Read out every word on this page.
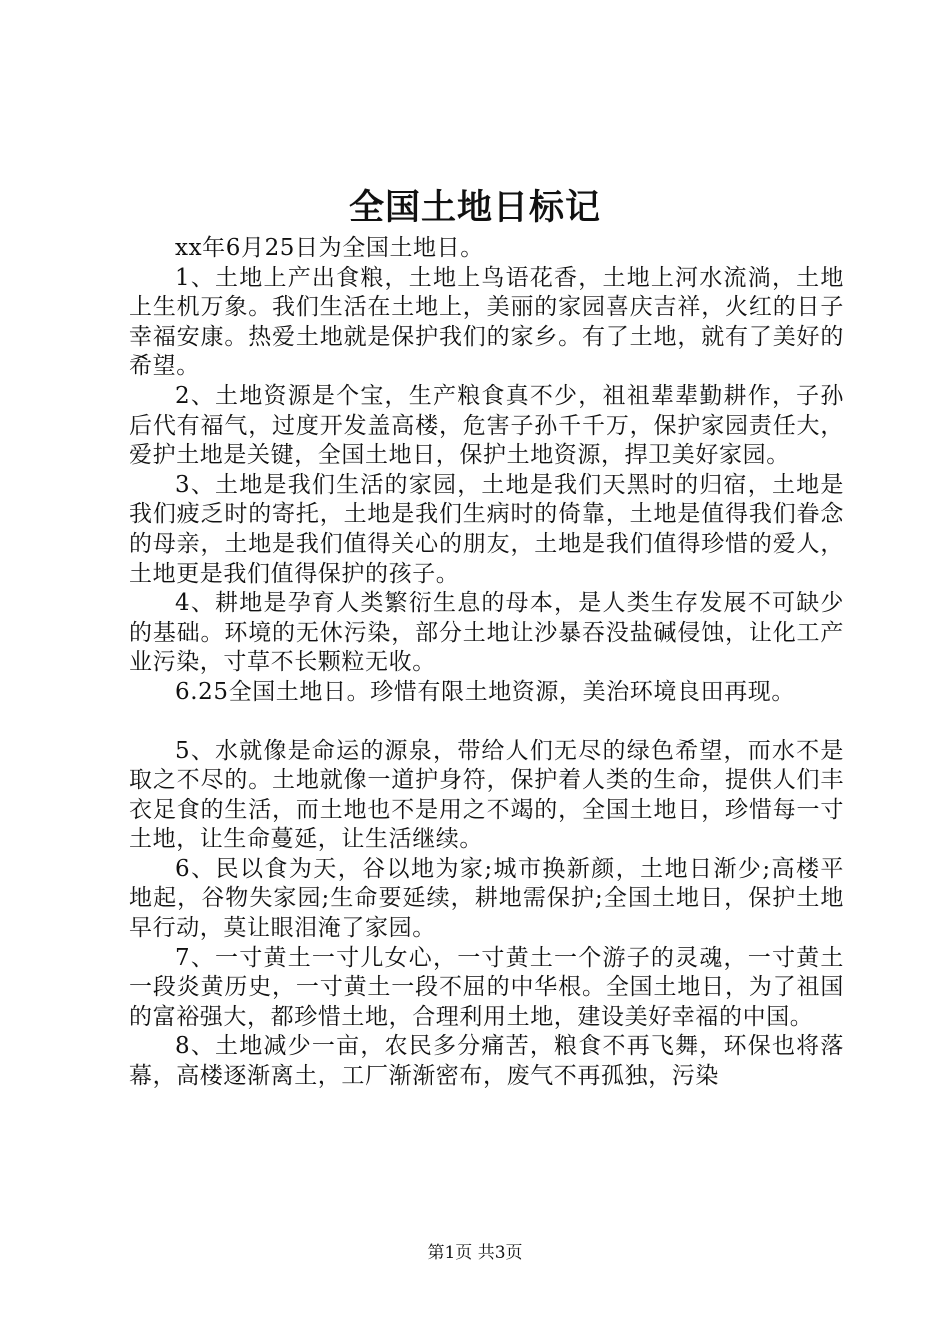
全国土地日标记

xx年6月25日为全国土地日。

1、土地上产出食粮，土地上鸟语花香，土地上河水流淌，土地上生机万象。我们生活在土地上，美丽的家园喜庆吉祥，火红的日子幸福安康。热爱土地就是保护我们的家乡。有了土地，就有了美好的希望。

2、土地资源是个宝，生产粮食真不少，祖祖辈辈勤耕作，子孙后代有福气，过度开发盖高楼，危害子孙千千万，保护家园责任大，爱护土地是关键，全国土地日，保护土地资源，捍卫美好家园。

3、土地是我们生活的家园，土地是我们天黑时的归宿，土地是我们疲乏时的寄托，土地是我们生病时的倚靠，土地是值得我们眷念的母亲，土地是我们值得关心的朋友，土地是我们值得珍惜的爱人，土地更是我们值得保护的孩子。

4、耕地是孕育人类繁衍生息的母本，是人类生存发展不可缺少的基础。环境的无休污染，部分土地让沙暴吞没盐碱侵蚀，让化工产业污染，寸草不长颗粒无收。

6.25全国土地日。珍惜有限土地资源，美治环境良田再现。

5、水就像是命运的源泉，带给人们无尽的绿色希望，而水不是取之不尽的。土地就像一道护身符，保护着人类的生命，提供人们丰衣足食的生活，而土地也不是用之不竭的，全国土地日，珍惜每一寸土地，让生命蔓延，让生活继续。

6、民以食为天，谷以地为家;城市换新颜，土地日渐少;高楼平地起，谷物失家园;生命要延续，耕地需保护;全国土地日，保护土地早行动，莫让眼泪淹了家园。

7、一寸黄土一寸儿女心，一寸黄土一个游子的灵魂，一寸黄土一段炎黄历史，一寸黄土一段不屈的中华根。全国土地日，为了祖国的富裕强大，都珍惜土地，合理利用土地，建设美好幸福的中国。

8、土地减少一亩，农民多分痛苦，粮食不再飞舞，环保也将落幕，高楼逐渐离土，工厂渐渐密布，废气不再孤独，污染

第1页 共3页
